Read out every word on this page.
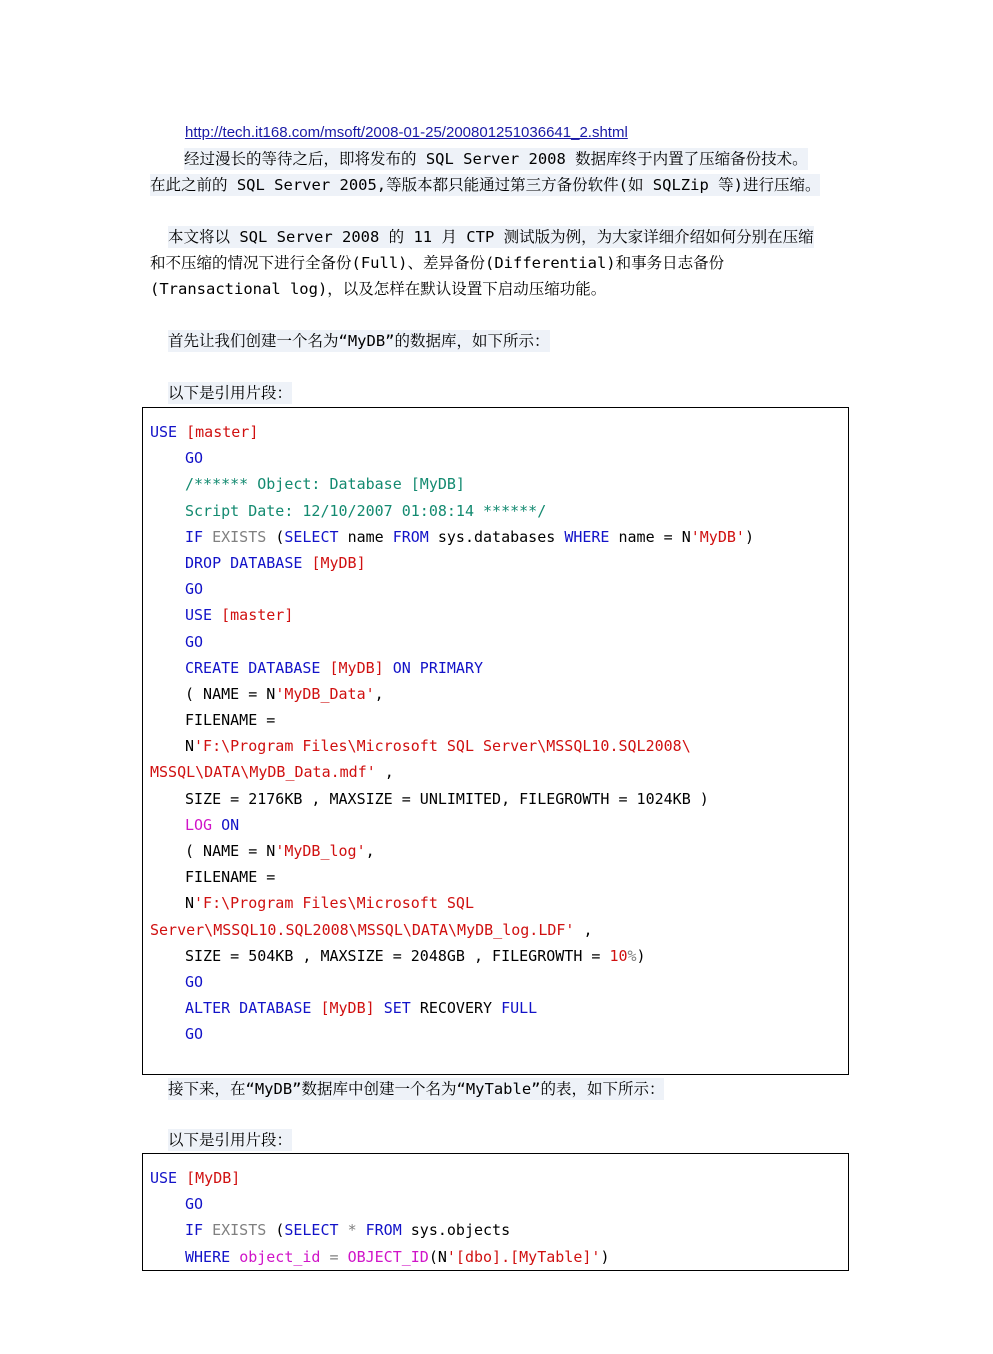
http://tech.it168.com/msoft/2008-01-25/200801251036641_2.shtml
经过漫长的等待之后，即将发布的 SQL Server 2008 数据库终于内置了压缩备份技术。
在此之前的 SQL Server 2005,等版本都只能通过第三方备份软件(如 SQLZip 等)进行压缩。
本文将以 SQL Server 2008 的 11 月 CTP 测试版为例，为大家详细介绍如何分别在压缩
和不压缩的情况下进行全备份(Full)、差异备份(Differential)和事务日志备份
(Transactional log)，以及怎样在默认设置下启动压缩功能。
首先让我们创建一个名为“MyDB”的数据库，如下所示：
以下是引用片段：
USE [master]
GO
/****** Object: Database [MyDB]
Script Date: 12/10/2007 01:08:14 ******/
IF EXISTS (SELECT name FROM sys.databases WHERE name = N'MyDB')
DROP DATABASE [MyDB]
GO
USE [master]
GO
CREATE DATABASE [MyDB] ON PRIMARY
( NAME = N'MyDB_Data',
FILENAME =
N'F:\Program Files\Microsoft SQL Server\MSSQL10.SQL2008\
MSSQL\DATA\MyDB_Data.mdf' ,
SIZE = 2176KB , MAXSIZE = UNLIMITED, FILEGROWTH = 1024KB )
LOG ON
( NAME = N'MyDB_log',
FILENAME =
N'F:\Program Files\Microsoft SQL
Server\MSSQL10.SQL2008\MSSQL\DATA\MyDB_log.LDF' ,
SIZE = 504KB , MAXSIZE = 2048GB , FILEGROWTH = 10%)
GO
ALTER DATABASE [MyDB] SET RECOVERY FULL
GO
接下来，在“MyDB”数据库中创建一个名为“MyTable”的表，如下所示：
以下是引用片段：
USE [MyDB]
GO
IF EXISTS (SELECT * FROM sys.objects
WHERE object_id = OBJECT_ID(N'[dbo].[MyTable]')
